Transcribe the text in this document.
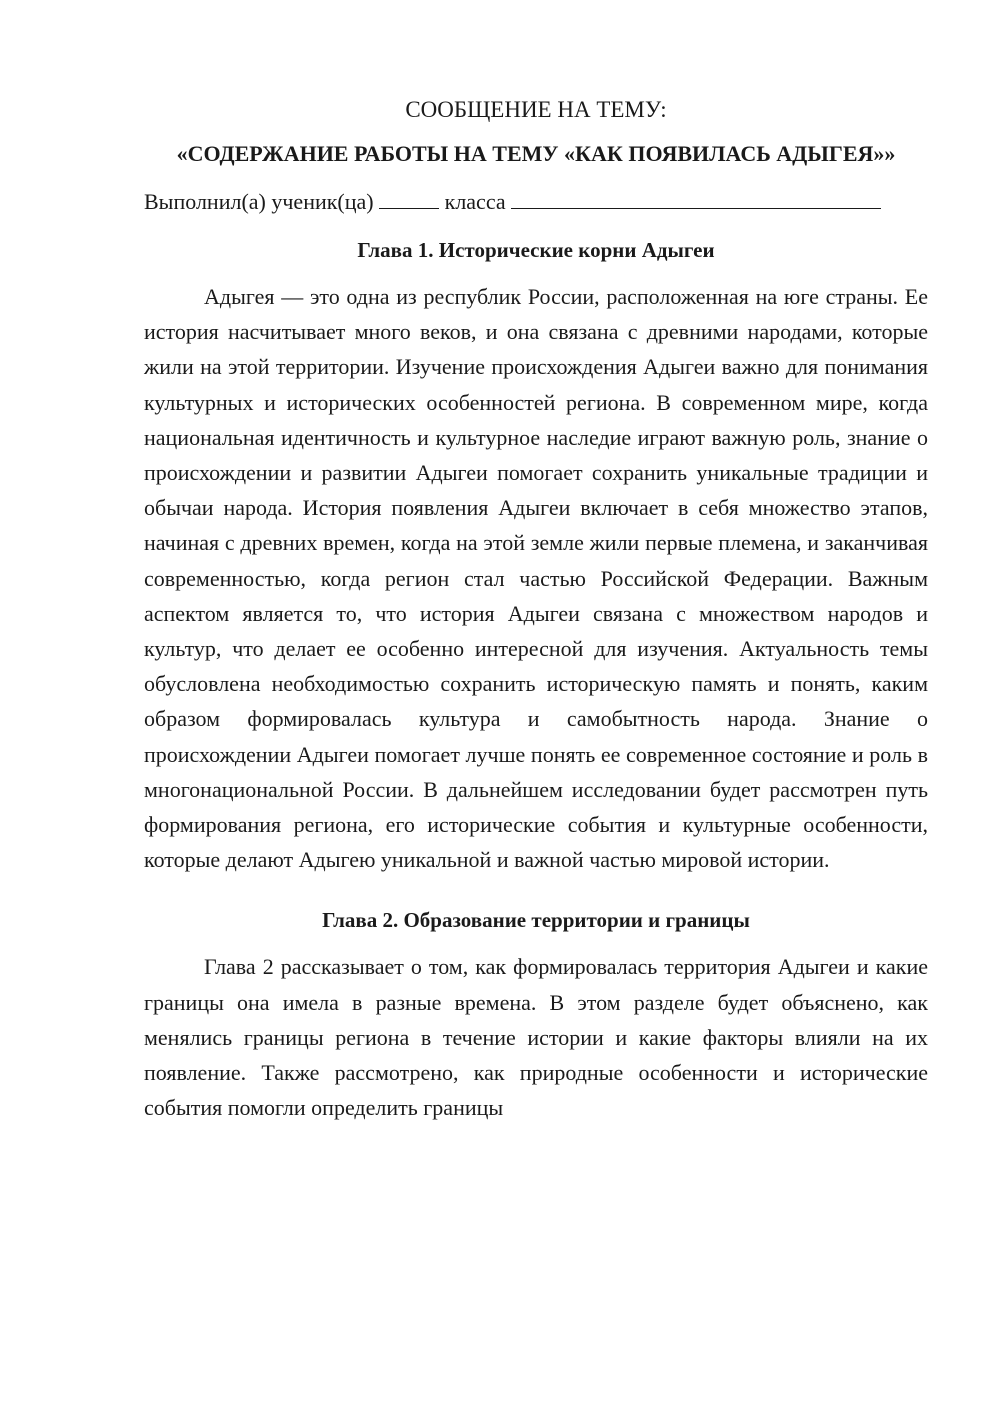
СООБЩЕНИЕ НА ТЕМУ:

«СОДЕРЖАНИЕ РАБОТЫ НА ТЕМУ «КАК ПОЯВИЛАСЬ АДЫГЕЯ»»

Выполнил(а) ученик(ца)	класса

Глава 1. Исторические корни Адыгеи

Адыгея — это одна из республик России, расположенная на юге страны. Ее история насчитывает много веков, и она связана с древними народами, которые жили на этой территории. Изучение происхождения Адыгеи важно для понимания культурных и исторических особенностей региона. В современном мире, когда национальная идентичность и культурное наследие играют важную роль, знание о происхождении и развитии Адыгеи помогает сохранить уникальные традиции и обычаи народа. История появления Адыгеи включает в себя множество этапов, начиная с древних времен, когда на этой земле жили первые племена, и заканчивая современностью, когда регион стал частью Российской Федерации. Важным аспектом является то, что история Адыгеи связана с множеством народов и культур, что делает ее особенно интересной для изучения. Актуальность темы обусловлена необходимостью сохранить историческую память и понять, каким образом формировалась культура и самобытность народа. Знание о происхождении Адыгеи помогает лучше понять ее современное состояние и роль в многонациональной России. В дальнейшем исследовании будет рассмотрен путь формирования региона, его исторические события и культурные особенности, которые делают Адыгею уникальной и важной частью мировой истории.

Глава 2. Образование территории и границы

Глава 2 рассказывает о том, как формировалась территория Адыгеи и какие границы она имела в разные времена. В этом разделе будет объяснено, как менялись границы региона в течение истории и какие факторы влияли на их появление. Также рассмотрено, как природные особенности и исторические события помогли определить границы
